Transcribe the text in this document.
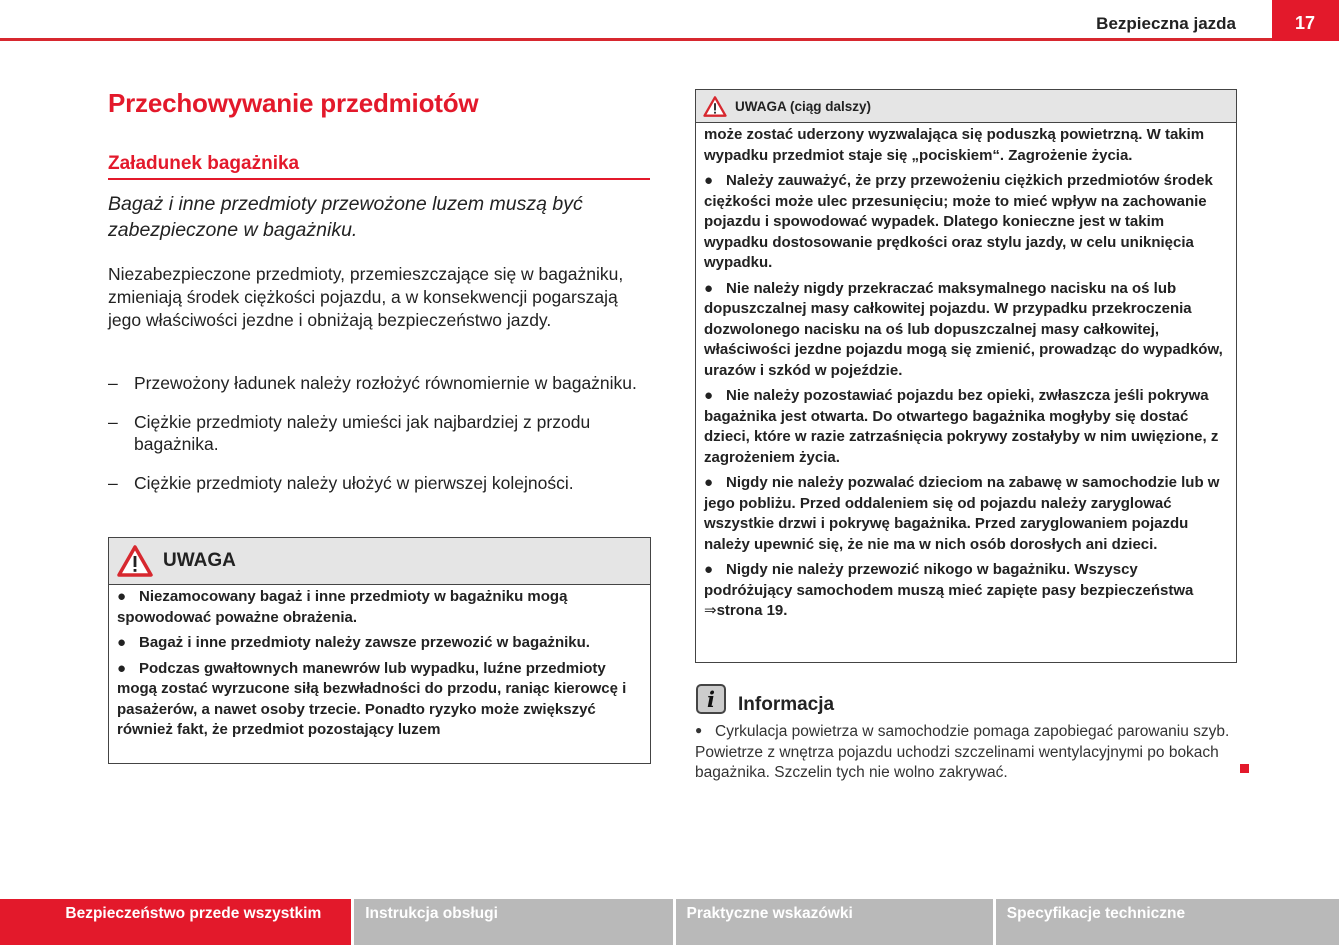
Bezpieczna jazda	17
Przechowywanie przedmiotów
Załadunek bagażnika
Bagaż i inne przedmioty przewożone luzem muszą być zabezpieczone w bagażniku.
Niezabezpieczone przedmioty, przemieszczające się w bagażniku, zmieniają środek ciężkości pojazdu, a w konsekwencji pogarszają jego właściwości jezdne i obniżają bezpieczeństwo jazdy.
– Przewożony ładunek należy rozłożyć równomiernie w bagażniku.
– Ciężkie przedmioty należy umieści jak najbardziej z przodu bagażnika.
– Ciężkie przedmioty należy ułożyć w pierwszej kolejności.
UWAGA

● Niezamocowany bagaż i inne przedmioty w bagażniku mogą spowodować poważne obrażenia.

● Bagaż i inne przedmioty należy zawsze przewozić w bagażniku.

● Podczas gwałtownych manewrów lub wypadku, luźne przedmioty mogą zostać wyrzucone siłą bezwładności do przodu, raniąc kierowcę i pasażerów, a nawet osoby trzecie. Ponadto ryzyko może zwiększyć również fakt, że przedmiot pozostający luzem

UWAGA (ciąg dalszy)

może zostać uderzony wyzwalająca się poduszką powietrzną. W takim wypadku przedmiot staje się „pociskiem“. Zagrożenie życia.

● Należy zauważyć, że przy przewożeniu ciężkich przedmiotów środek ciężkości może ulec przesunięciu; może to mieć wpływ na zachowanie pojazdu i spowodować wypadek. Dlatego konieczne jest w takim wypadku dostosowanie prędkości oraz stylu jazdy, w celu uniknięcia wypadku.

● Nie należy nigdy przekraczać maksymalnego nacisku na oś lub dopuszczalnej masy całkowitej pojazdu. W przypadku przekroczenia dozwolonego nacisku na oś lub dopuszczalnej masy całkowitej, właściwości jezdne pojazdu mogą się zmienić, prowadząc do wypadków, urazów i szkód w pojeździe.

● Nie należy pozostawiać pojazdu bez opieki, zwłaszcza jeśli pokrywa bagażnika jest otwarta. Do otwartego bagażnika mogłyby się dostać dzieci, które w razie zatrzaśnięcia pokrywy zostałyby w nim uwięzione, z zagrożeniem życia.

● Nigdy nie należy pozwalać dzieciom na zabawę w samochodzie lub w jego pobliżu. Przed oddaleniem się od pojazdu należy zaryglować wszystkie drzwi i pokrywę bagażnika. Przed zaryglowaniem pojazdu należy upewnić się, że nie ma w nich osób dorosłych ani dzieci.

● Nigdy nie należy przewozić nikogo w bagażniku. Wszyscy podróżujący samochodem muszą mieć zapięte pasy bezpieczeństwa ⇒strona 19.

i	Informacja
● Cyrkulacja powietrza w samochodzie pomaga zapobiegać parowaniu szyb. Powietrze z wnętrza pojazdu uchodzi szczelinami wentylacyjnymi po bokach bagażnika. Szczelin tych nie wolno zakrywać.
Bezpieczeństwo przede wszystkim	Instrukcja obsługi	Praktyczne wskazówki	Specyfikacje techniczne
